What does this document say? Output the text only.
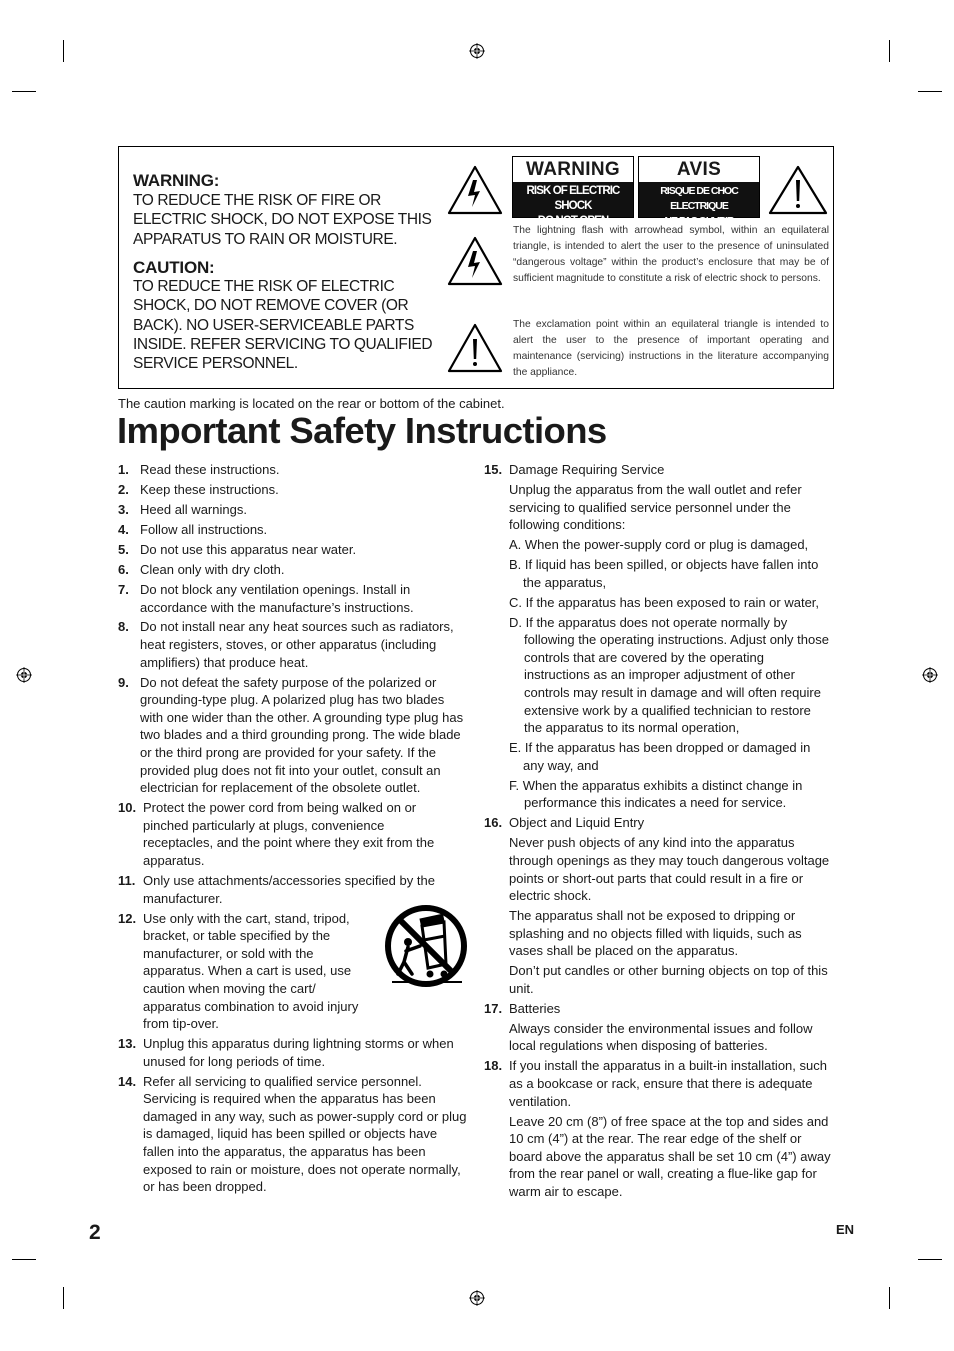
WARNING:
TO REDUCE THE RISK OF FIRE OR ELECTRIC SHOCK, DO NOT EXPOSE THIS APPARATUS TO RAIN OR MOISTURE.
CAUTION:
TO REDUCE THE RISK OF ELECTRIC SHOCK, DO NOT REMOVE COVER (OR BACK). NO USER-SERVICEABLE PARTS INSIDE. REFER SERVICING TO QUALIFIED SERVICE PERSONNEL.
WARNING
RISK OF ELECTRIC SHOCK
DO NOT OPEN
AVIS
RISQUE DE CHOC ELECTRIQUE
NE PAS OUVRIR
The lightning flash with arrowhead symbol, within an equilateral triangle, is intended to alert the user to the presence of uninsulated “dangerous voltage” within the product’s enclosure that may be of sufficient magnitude to constitute a risk of electric shock to persons.
The exclamation point within an equilateral triangle is intended to alert the user to the presence of important operating and maintenance (servicing) instructions in the literature accompanying the appliance.
The caution marking is located on the rear or bottom of the cabinet.
Important Safety Instructions
1. Read these instructions.
2. Keep these instructions.
3. Heed all warnings.
4. Follow all instructions.
5. Do not use this apparatus near water.
6. Clean only with dry cloth.
7. Do not block any ventilation openings. Install in accordance with the manufacture’s instructions.
8. Do not install near any heat sources such as radiators, heat registers, stoves, or other apparatus (including amplifiers) that produce heat.
9. Do not defeat the safety purpose of the polarized or grounding-type plug. A polarized plug has two blades with one wider than the other. A grounding type plug has two blades and a third grounding prong. The wide blade or the third prong are provided for your safety. If the provided plug does not fit into your outlet, consult an electrician for replacement of the obsolete outlet.
10. Protect the power cord from being walked on or pinched particularly at plugs, convenience receptacles, and the point where they exit from the apparatus.
11. Only use attachments/accessories specified by the manufacturer.
12. Use only with the cart, stand, tripod, bracket, or table specified by the manufacturer, or sold with the apparatus. When a cart is used, use caution when moving the cart/ apparatus combination to avoid injury from tip-over.
13. Unplug this apparatus during lightning storms or when unused for long periods of time.
14. Refer all servicing to qualified service personnel. Servicing is required when the apparatus has been damaged in any way, such as power-supply cord or plug is damaged, liquid has been spilled or objects have fallen into the apparatus, the apparatus has been exposed to rain or moisture, does not operate normally, or has been dropped.
15. Damage Requiring Service
Unplug the apparatus from the wall outlet and refer servicing to qualified service personnel under the following conditions:
A. When the power-supply cord or plug is damaged,
B. If liquid has been spilled, or objects have fallen into the apparatus,
C. If the apparatus has been exposed to rain or water,
D. If the apparatus does not operate normally by following the operating instructions. Adjust only those controls that are covered by the operating instructions as an improper adjustment of other controls may result in damage and will often require extensive work by a qualified technician to restore the apparatus to its normal operation,
E. If the apparatus has been dropped or damaged in any way, and
F. When the apparatus exhibits a distinct change in performance this indicates a need for service.
16. Object and Liquid Entry
Never push objects of any kind into the apparatus through openings as they may touch dangerous voltage points or short-out parts that could result in a fire or electric shock.
The apparatus shall not be exposed to dripping or splashing and no objects filled with liquids, such as vases shall be placed on the apparatus.
Don’t put candles or other burning objects on top of this unit.
17. Batteries
Always consider the environmental issues and follow local regulations when disposing of batteries.
18. If you install the apparatus in a built-in installation, such as a bookcase or rack, ensure that there is adequate ventilation.
Leave 20 cm (8”) of free space at the top and sides and 10 cm (4”) at the rear. The rear edge of the shelf or board above the apparatus shall be set 10 cm (4”) away from the rear panel or wall, creating a flue-like gap for warm air to escape.
2	EN
